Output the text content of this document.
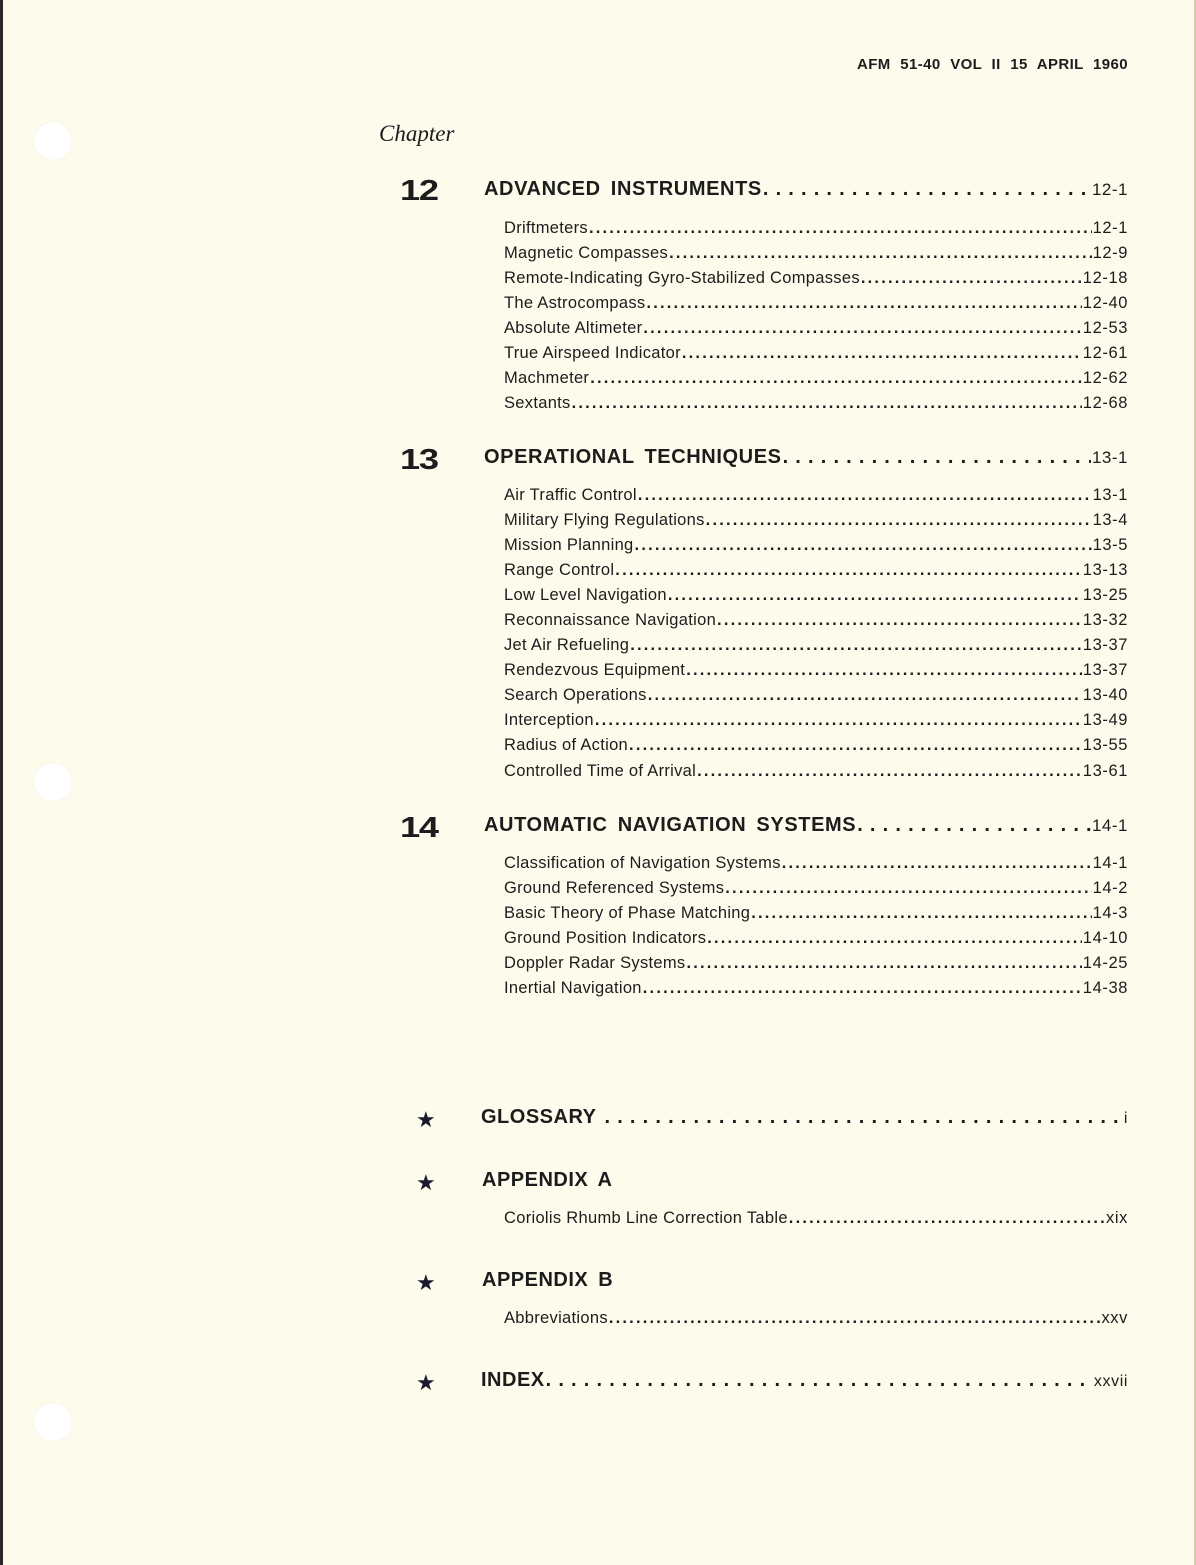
AFM 51-40 VOL II 15 APRIL 1960
Chapter
12 ADVANCED INSTRUMENTS . . .	12-1
Driftmeters . . .	12-1
Magnetic Compasses . . .	12-9
Remote-Indicating Gyro-Stabilized Compasses . . .	12-18
The Astrocompass . . .	12-40
Absolute Altimeter . . .	12-53
True Airspeed Indicator . . .	12-61
Machmeter . . .	12-62
Sextants . . .	12-68
13 OPERATIONAL TECHNIQUES . . .	13-1
Air Traffic Control . . .	13-1
Military Flying Regulations . . .	13-4
Mission Planning . . .	13-5
Range Control . . .	13-13
Low Level Navigation . . .	13-25
Reconnaissance Navigation . . .	13-32
Jet Air Refueling . . .	13-37
Rendezvous Equipment . . .	13-37
Search Operations . . .	13-40
Interception . . .	13-49
Radius of Action . . .	13-55
Controlled Time of Arrival . . .	13-61
14 AUTOMATIC NAVIGATION SYSTEMS . . .	14-1
Classification of Navigation Systems . . .	14-1
Ground Referenced Systems . . .	14-2
Basic Theory of Phase Matching . . .	14-3
Ground Position Indicators . . .	14-10
Doppler Radar Systems . . .	14-25
Inertial Navigation . . .	14-38
★ GLOSSARY . . .	i
★ APPENDIX A
Coriolis Rhumb Line Correction Table . . .	xix
★ APPENDIX B
Abbreviations . . .	xxv
★ INDEX . . .	xxvii
